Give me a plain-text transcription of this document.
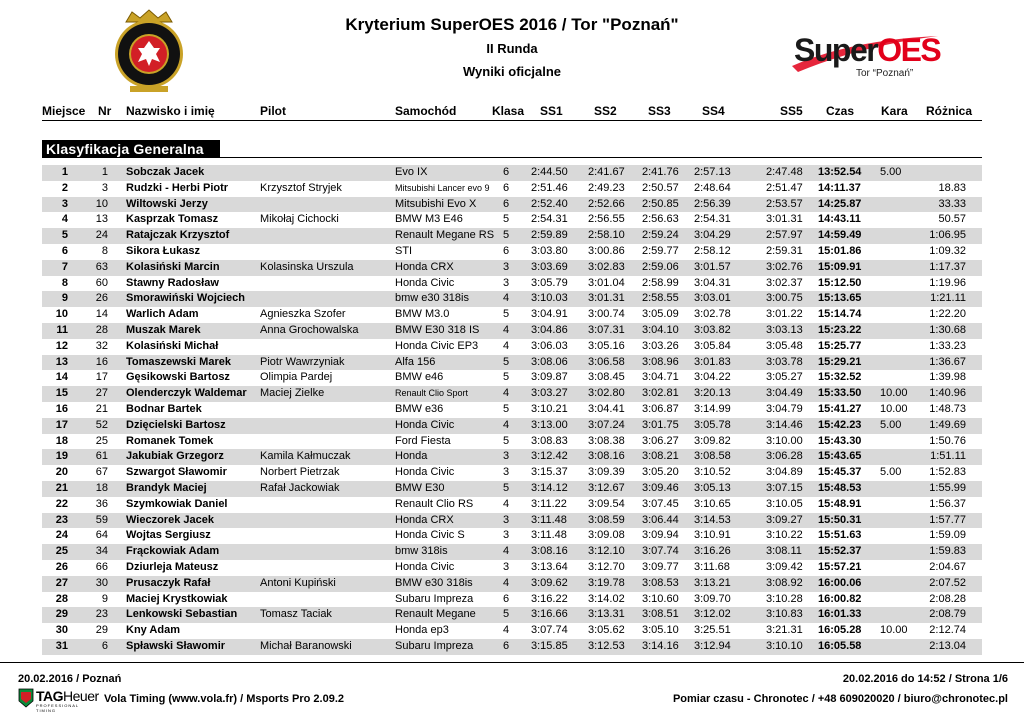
Kryterium SuperOES 2016 / Tor "Poznań"
II Runda
Wyniki oficjalne
SuperOES
Tor “Poznań”
Miejsce Nr Nazwisko i imię	Pilot	Samochód	Klasa SS1	SS2	SS3	SS4	SS5 Czas Kara Różnica
Klasyfikacja Generalna
1	1 Sobczak Jacek	Evo IX	6 2:44.50	2:41.67	2:41.76	2:57.13	2:47.48	13:52.54	5.00
2	3 Rudzki - Herbi Piotr	Krzysztof Stryjek	Mitsubishi Lancer evo 9	6 2:51.46	2:49.23	2:50.57	2:48.64	2:51.47	14:11.37	18.83
3	10 Wiltowski Jerzy	Mitsubishi Evo X	6 2:52.40	2:52.66	2:50.85	2:56.39	2:53.57	14:25.87	33.33
4	13 Kasprzak Tomasz	Mikołaj Cichocki	BMW M3 E46	5 2:54.31	2:56.55	2:56.63	2:54.31	3:01.31	14:43.11	50.57
5	24 Ratajczak Krzysztof	Renault Megane RS 5 2:59.89	2:58.10	2:59.24	3:04.29	2:57.97	14:59.49	1:06.95
6	8 Sikora Łukasz	STI	6 3:03.80	3:00.86	2:59.77	2:58.12	2:59.31	15:01.86	1:09.32
7	63 Kolasiński Marcin	Kolasinska Urszula	Honda CRX	3 3:03.69	3:02.83	2:59.06	3:01.57	3:02.76	15:09.91	1:17.37
8	60 Stawny Radosław	Honda Civic	3 3:05.79	3:01.04	2:58.99	3:04.31	3:02.37	15:12.50	1:19.96
9	26 Smorawiński Wojciech	bmw e30 318is	4 3:10.03	3:01.31	2:58.55	3:03.01	3:00.75	15:13.65	1:21.11
10	14 Warlich Adam	Agnieszka Szofer	BMW M3.0	5 3:04.91	3:00.74	3:05.09	3:02.78	3:01.22	15:14.74	1:22.20
11	28 Muszak Marek	Anna Grochowalska	BMW E30 318 IS	4 3:04.86	3:07.31	3:04.10	3:03.82	3:03.13	15:23.22	1:30.68
12	32 Kolasiński Michał	Honda Civic EP3	4 3:06.03	3:05.16	3:03.26	3:05.84	3:05.48	15:25.77	1:33.23
13	16 Tomaszewski Marek	Piotr Wawrzyniak	Alfa 156	5 3:08.06	3:06.58	3:08.96	3:01.83	3:03.78	15:29.21	1:36.67
14	17 Gęsikowski Bartosz	Olimpia Pardej	BMW e46	5 3:09.87	3:08.45	3:04.71	3:04.22	3:05.27	15:32.52	1:39.98
15	27 Olenderczyk Waldemar	Maciej Zielke	Renault Clio Sport	4 3:03.27	3:02.80	3:02.81	3:20.13	3:04.49	15:33.50	10.00	1:40.96
16	21 Bodnar Bartek	BMW e36	5 3:10.21	3:04.41	3:06.87	3:14.99	3:04.79	15:41.27	10.00	1:48.73
17	52 Dzięcielski Bartosz	Honda Civic	4 3:13.00	3:07.24	3:01.75	3:05.78	3:14.46	15:42.23	5.00	1:49.69
18	25 Romanek Tomek	Ford Fiesta	5 3:08.83	3:08.38	3:06.27	3:09.82	3:10.00	15:43.30	1:50.76
19	61 Jakubiak Grzegorz	Kamila Kałmuczak	Honda	3 3:12.42	3:08.16	3:08.21	3:08.58	3:06.28	15:43.65	1:51.11
20	67 Szwargot Sławomir	Norbert Pietrzak	Honda Civic	3 3:15.37	3:09.39	3:05.20	3:10.52	3:04.89	15:45.37	5.00	1:52.83
21	18 Brandyk Maciej	Rafał Jackowiak	BMW E30	5 3:14.12	3:12.67	3:09.46	3:05.13	3:07.15	15:48.53	1:55.99
22	36 Szymkowiak Daniel	Renault Clio RS	4 3:11.22	3:09.54	3:07.45	3:10.65	3:10.05	15:48.91	1:56.37
23	59 Wieczorek Jacek	Honda CRX	3 3:11.48	3:08.59	3:06.44	3:14.53	3:09.27	15:50.31	1:57.77
24	64 Wojtas Sergiusz	Honda Civic S	3 3:11.48	3:09.08	3:09.94	3:10.91	3:10.22	15:51.63	1:59.09
25	34 Frąckowiak Adam	bmw 318is	4 3:08.16	3:12.10	3:07.74	3:16.26	3:08.11	15:52.37	1:59.83
26	66 Dziurleja Mateusz	Honda Civic	3 3:13.64	3:12.70	3:09.77	3:11.68	3:09.42	15:57.21	2:04.67
27	30 Prusaczyk Rafał	Antoni Kupiński	BMW e30 318is	4 3:09.62	3:19.78	3:08.53	3:13.21	3:08.92	16:00.06	2:07.52
28	9 Maciej Krystkowiak	Subaru Impreza	6 3:16.22	3:14.02	3:10.60	3:09.70	3:10.28	16:00.82	2:08.28
29	23 Lenkowski Sebastian	Tomasz Taciak	Renault Megane	5 3:16.66	3:13.31	3:08.51	3:12.02	3:10.83	16:01.33	2:08.79
30	29 Kny Adam	Honda ep3	4 3:07.74	3:05.62	3:05.10	3:25.51	3:21.31	16:05.28	10.00	2:12.74
31	6 Spławski Sławomir	Michał Baranowski	Subaru Impreza	6 3:15.85	3:12.53	3:14.16	3:12.94	3:10.10	16:05.58	2:13.04
20.02.2016 / Poznań	20.02.2016 do 14:52 / Strona 1/6
TAGHeuer
PROFESSIONAL TIMING
Vola Timing (www.vola.fr) / Msports Pro 2.09.2	Pomiar czasu - Chronotec / +48 609020020 / biuro@chronotec.pl
